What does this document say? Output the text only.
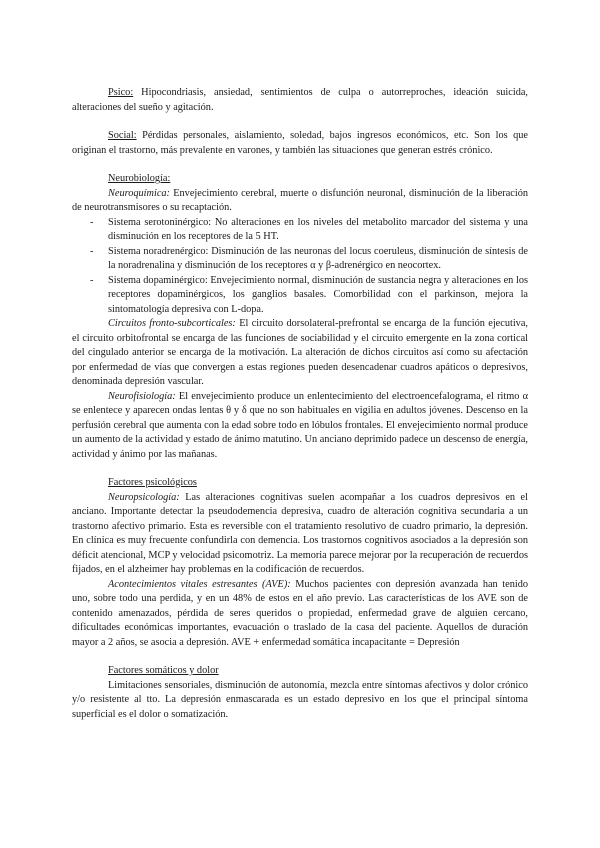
Psico: Hipocondriasis, ansiedad, sentimientos de culpa o autorreproches, ideación suicida, alteraciones del sueño y agitación.

Social: Pérdidas personales, aislamiento, soledad, bajos ingresos económicos, etc. Son los que originan el trastorno, más prevalente en varones, y también las situaciones que generan estrés crónico.

Neurobiología:

Neuroquímica: Envejecimiento cerebral, muerte o disfunción neuronal, disminución de la liberación de neurotransmisores o su recaptación.

- Sistema serotoninérgico: No alteraciones en los niveles del metabolito marcador del sistema y una disminución en los receptores de la 5 HT.
- Sistema noradrenérgico: Disminución de las neuronas del locus coeruleus, disminución de síntesis de la noradrenalina y disminución de los receptores α y β-adrenérgico en neocortex.
- Sistema dopaminérgico: Envejecimiento normal, disminución de sustancia negra y alteraciones en los receptores dopaminérgicos, los ganglios basales. Comorbilidad con el parkinson, mejora la sintomatología depresiva con L-dopa.

Circuitos fronto-subcorticales: El circuito dorsolateral-prefrontal se encarga de la función ejecutiva, el circuito orbitofrontal se encarga de las funciones de sociabilidad y el circuito emergente en la zona cortical del cingulado anterior se encarga de la motivación. La alteración de dichos circuitos así como su afectación por enfermedad de vías que convergen a estas regiones pueden desencadenar cuadros apáticos o depresivos, denominada depresión vascular.

Neurofisiología: El envejecimiento produce un enlentecimiento del electroencefalograma, el ritmo α se enlentece y aparecen ondas lentas θ y δ que no son habituales en vigilia en adultos jóvenes. Descenso en la perfusión cerebral que aumenta con la edad sobre todo en lóbulos frontales. El envejecimiento normal produce un aumento de la actividad y estado de ánimo matutino. Un anciano deprimido padece un descenso de energía, actividad y ánimo por las mañanas.

Factores psicológicos

Neuropsicología: Las alteraciones cognitivas suelen acompañar a los cuadros depresivos en el anciano. Importante detectar la pseudodemencia depresiva, cuadro de alteración cognitiva secundaria a un trastorno afectivo primario. Esta es reversible con el tratamiento resolutivo de cuadro primario, la depresión. En clínica es muy frecuente confundirla con demencia. Los trastornos cognitivos asociados a la depresión son déficit atencional, MCP y velocidad psicomotriz. La memoria parece mejorar por la recuperación de recuerdos fijados, en el alzheimer hay problemas en la codificación de recuerdos.

Acontecimientos vitales estresantes (AVE): Muchos pacientes con depresión avanzada han tenido uno, sobre todo una perdida, y en un 48% de estos en el año previo. Las características de los AVE son de contenido amenazados, pérdida de seres queridos o propiedad, enfermedad grave de alguien cercano, dificultades económicas importantes, evacuación o traslado de la casa del paciente. Aquellos de duración mayor a 2 años, se asocia a depresión. AVE + enfermedad somática incapacitante = Depresión

Factores somáticos y dolor

Limitaciones sensoriales, disminución de autonomía, mezcla entre síntomas afectivos y dolor crónico y/o resistente al tto. La depresión enmascarada es un estado depresivo en los que el principal síntoma superficial es el dolor o somatización.
